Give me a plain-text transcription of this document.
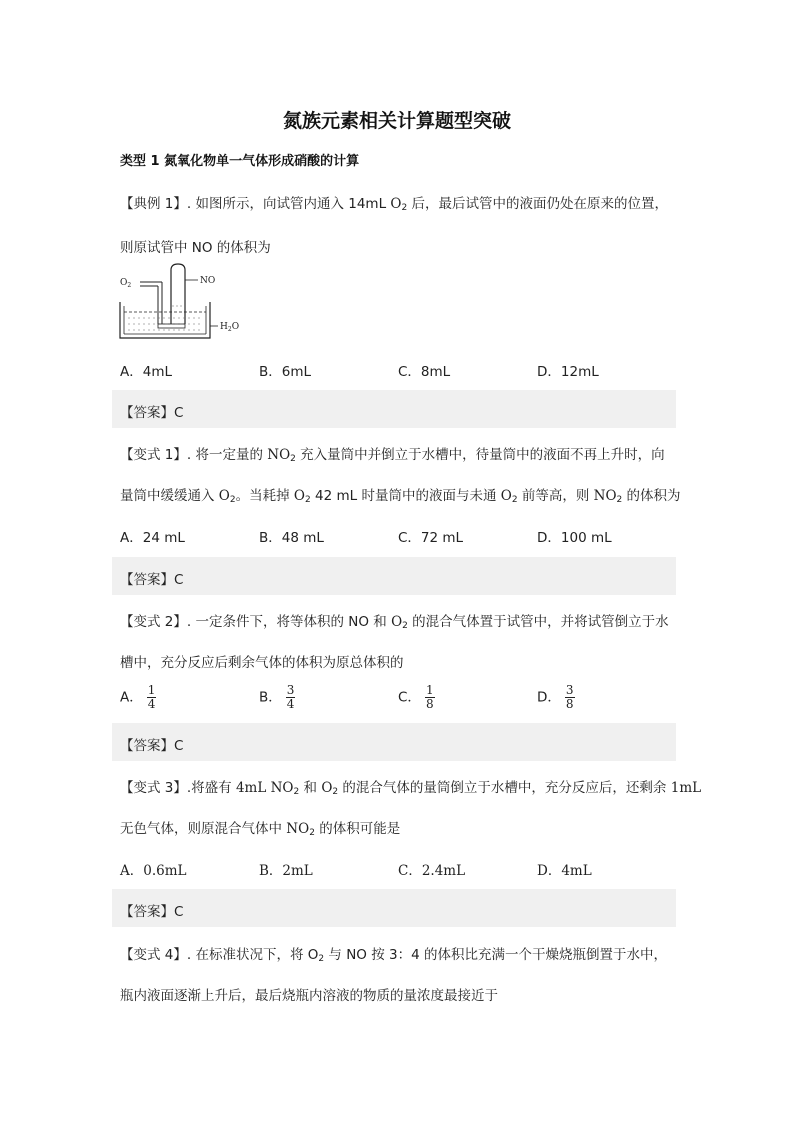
氮族元素相关计算题型突破
类型 1 氮氧化物单一气体形成硝酸的计算
【典例 1】. 如图所示，向试管内通入 14mL $O_2$ 后，最后试管中的液面仍处在原来的位置，
则原试管中 NO 的体积为
$O_2$	NO
$H_2O$
A．4mL	B．6mL	C．8mL	D．12mL
【答案】C
【变式 1】. 将一定量的 $NO_2$ 充入量筒中并倒立于水槽中，待量筒中的液面不再上升时，向
量筒中缓缓通入 $O_2$。当耗掉 $O_2$ 42 mL 时量筒中的液面与未通 $O_2$ 前等高，则 $NO_2$ 的体积为
A．24 mL	B．48 mL	C．72 mL	D．100 mL
【答案】C
【变式 2】. 一定条件下，将等体积的 NO 和 $O_2$ 的混合气体置于试管中，并将试管倒立于水
槽中，充分反应后剩余气体的体积为原总体积的
A． $\frac{1}{4}$	B． $\frac{3}{4}$	C． $\frac{1}{8}$	D． $\frac{3}{8}$
【答案】C
【变式 3】.将盛有 4mL $NO_2$ 和 $O_2$ 的混合气体的量筒倒立于水槽中，充分反应后，还剩余 1mL
无色气体，则原混合气体中 $NO_2$ 的体积可能是
A．0.6mL	B．2mL	C．2.4mL	D．4mL
【答案】C
【变式 4】. 在标准状况下，将 $O_2$ 与 NO 按 3：4 的体积比充满一个干燥烧瓶倒置于水中，
瓶内液面逐渐上升后，最后烧瓶内溶液的物质的量浓度最接近于
